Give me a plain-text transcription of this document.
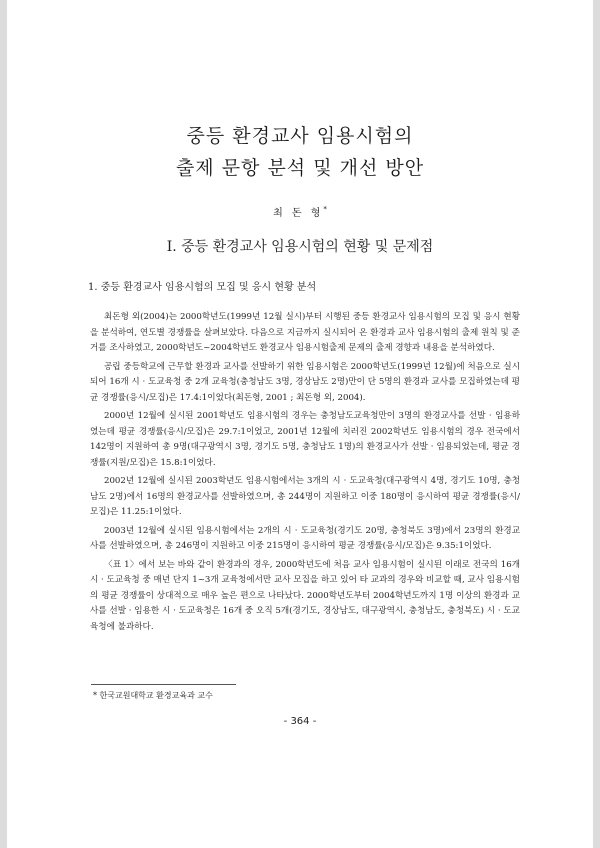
중등 환경교사 임용시험의
출제 문항 분석 및 개선 방안
최 돈 형*
Ⅰ. 중등 환경교사 임용시험의 현황 및 문제점
1. 중등 환경교사 임용시험의 모집 및 응시 현황 분석

최돈형 외(2004)는 2000학년도(1999년 12월 실시)부터 시행된 중등 환경교사 임용시험의 모집 및 응시 현황을 분석하여, 연도별 경쟁률을 살펴보았다. 다음으로 지금까지 실시되어 온 환경과 교사 임용시험의 출제 원칙 및 준거를 조사하였고, 2000학년도~2004학년도 환경교사 임용시험출제 문제의 출제 경향과 내용을 분석하였다.

공립 중등학교에 근무할 환경과 교사를 선발하기 위한 임용시험은 2000학년도(1999년 12월)에 처음으로 실시되어 16개 시 · 도교육청 중 2개 교육청(충청남도 3명, 경상남도 2명)만이 단 5명의 환경과 교사를 모집하였는데 평균 경쟁률(응시/모집)은 17.4:1이었다(최돈형, 2001 ; 최돈형 외, 2004).

2000년 12월에 실시된 2001학년도 임용시험의 경우는 충청남도교육청만이 3명의 환경교사를 선발 · 임용하였는데 평균 경쟁률(응시/모집)은 29.7:1이었고, 2001년 12월에 치러진 2002학년도 임용시험의 경우 전국에서 142명이 지원하여 총 9명(대구광역시 3명, 경기도 5명, 충청남도 1명)의 환경교사가 선발 · 임용되었는데, 평균 경쟁률(지원/모집)은 15.8:1이었다.

2002년 12월에 실시된 2003학년도 임용시험에서는 3개의 시 · 도교육청(대구광역시 4명, 경기도 10명, 충청남도 2명)에서 16명의 환경교사를 선발하였으며, 총 244명이 지원하고 이중 180명이 응시하여 평균 경쟁률(응시/모집)은 11.25:1이었다.

2003년 12월에 실시된 임용시험에서는 2개의 시 · 도교육청(경기도 20명, 충청북도 3명)에서 23명의 환경교사를 선발하였으며, 총 246명이 지원하고 이중 215명이 응시하여 평균 경쟁률(응시/모집)은 9.35:1이었다.

〈표 1〉에서 보는 바와 같이 환경과의 경우, 2000학년도에 처음 교사 임용시험이 실시된 이래로 전국의 16개 시 · 도교육청 중 매년 단지 1~3개 교육청에서만 교사 모집을 하고 있어 타 교과의 경우와 비교할 때, 교사 임용시험의 평균 경쟁률이 상대적으로 매우 높은 편으로 나타났다. 2000학년도부터 2004학년도까지 1명 이상의 환경과 교사를 선발 · 임용한 시 · 도교육청은 16개 중 오직 5개(경기도, 경상남도, 대구광역시, 충청남도, 충청북도) 시 · 도교육청에 불과하다.

* 한국교원대학교 환경교육과 교수
- 364 -
